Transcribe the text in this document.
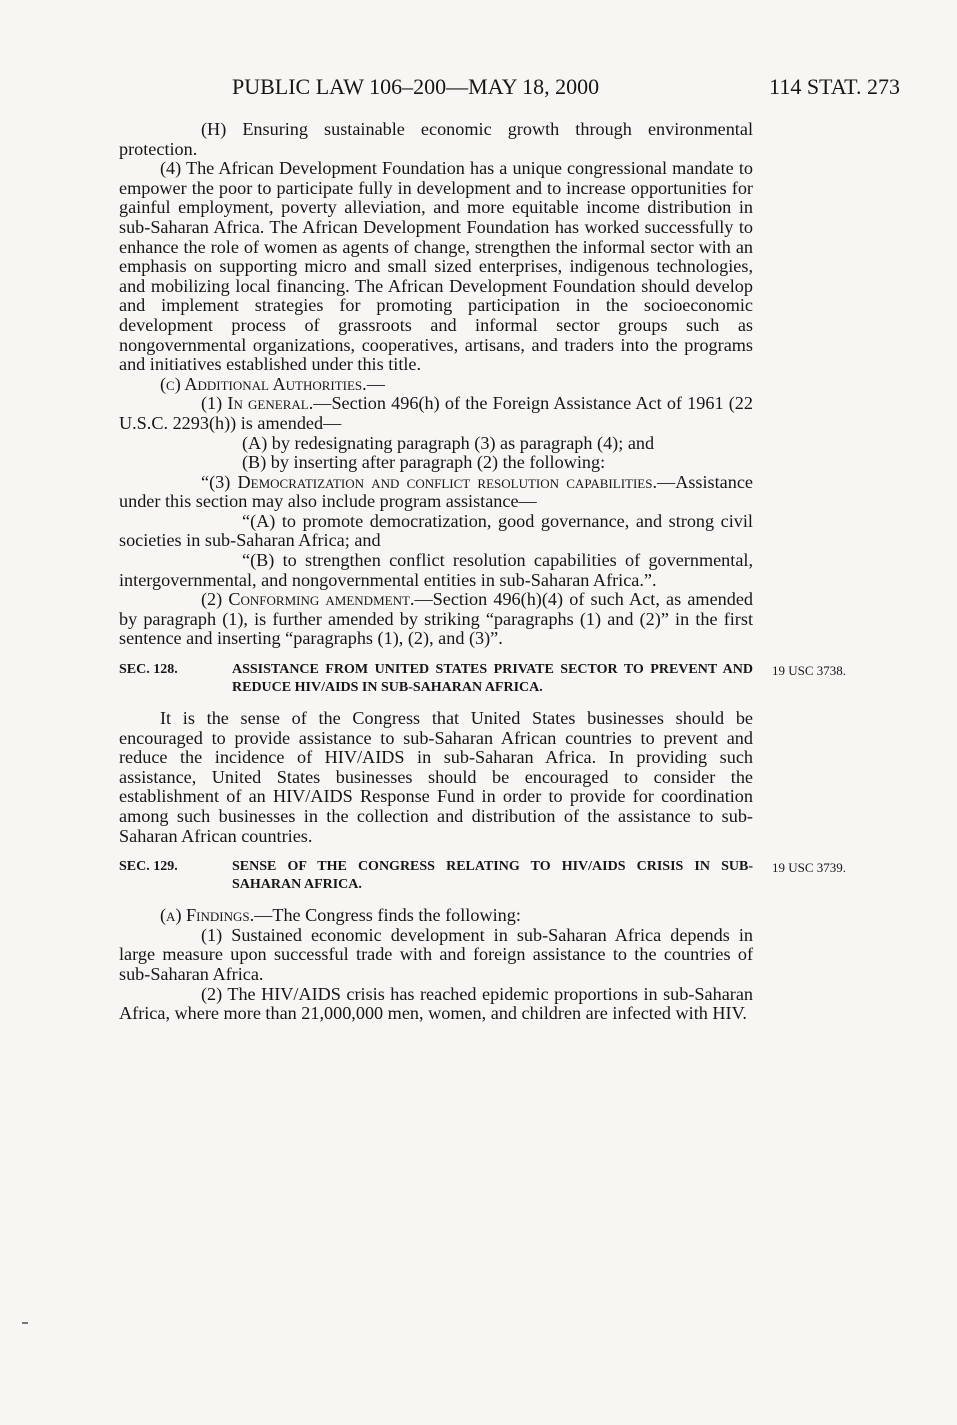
PUBLIC LAW 106–200—MAY 18, 2000	114 STAT. 273

(H) Ensuring sustainable economic growth through environmental protection.

(4) The African Development Foundation has a unique congressional mandate to empower the poor to participate fully in development and to increase opportunities for gainful employment, poverty alleviation, and more equitable income distribution in sub-Saharan Africa. The African Development Foundation has worked successfully to enhance the role of women as agents of change, strengthen the informal sector with an emphasis on supporting micro and small sized enterprises, indigenous technologies, and mobilizing local financing. The African Development Foundation should develop and implement strategies for promoting participation in the socioeconomic development process of grassroots and informal sector groups such as nongovernmental organizations, cooperatives, artisans, and traders into the programs and initiatives established under this title.

(c) Additional Authorities.—

(1) In general.—Section 496(h) of the Foreign Assistance Act of 1961 (22 U.S.C. 2293(h)) is amended—

(A) by redesignating paragraph (3) as paragraph (4); and

(B) by inserting after paragraph (2) the following:

“(3) Democratization and conflict resolution capabilities.—Assistance under this section may also include program assistance—

“(A) to promote democratization, good governance, and strong civil societies in sub-Saharan Africa; and

“(B) to strengthen conflict resolution capabilities of governmental, intergovernmental, and nongovernmental entities in sub-Saharan Africa.”.

(2) Conforming amendment.—Section 496(h)(4) of such Act, as amended by paragraph (1), is further amended by striking “paragraphs (1) and (2)” in the first sentence and inserting “paragraphs (1), (2), and (3)”.

SEC. 128.	ASSISTANCE FROM UNITED STATES PRIVATE SECTOR TO PREVENT AND REDUCE HIV/AIDS IN SUB-SAHARAN AFRICA.
19 USC 3738.

It is the sense of the Congress that United States businesses should be encouraged to provide assistance to sub-Saharan African countries to prevent and reduce the incidence of HIV/AIDS in sub-Saharan Africa. In providing such assistance, United States businesses should be encouraged to consider the establishment of an HIV/AIDS Response Fund in order to provide for coordination among such businesses in the collection and distribution of the assistance to sub-Saharan African countries.

SEC. 129.	SENSE OF THE CONGRESS RELATING TO HIV/AIDS CRISIS IN SUB-SAHARAN AFRICA.
19 USC 3739.

(a) Findings.—The Congress finds the following:

(1) Sustained economic development in sub-Saharan Africa depends in large measure upon successful trade with and foreign assistance to the countries of sub-Saharan Africa.

(2) The HIV/AIDS crisis has reached epidemic proportions in sub-Saharan Africa, where more than 21,000,000 men, women, and children are infected with HIV.
